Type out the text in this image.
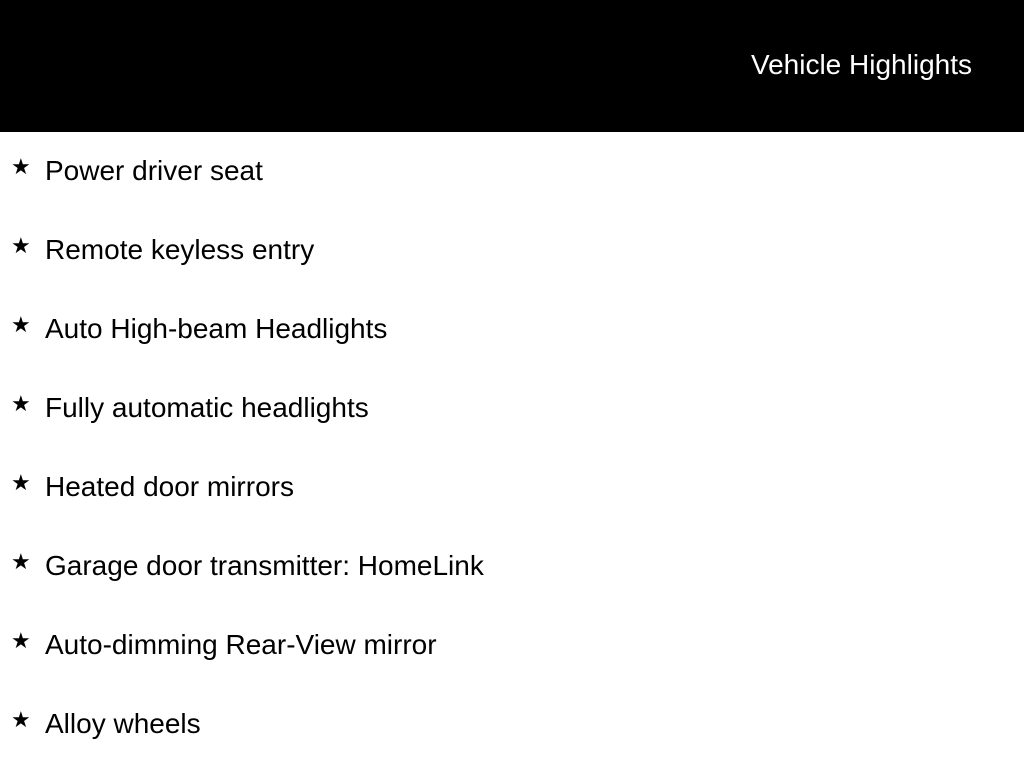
Vehicle Highlights
★ Power driver seat
★ Remote keyless entry
★ Auto High-beam Headlights
★ Fully automatic headlights
★ Heated door mirrors
★ Garage door transmitter: HomeLink
★ Auto-dimming Rear-View mirror
★ Alloy wheels
